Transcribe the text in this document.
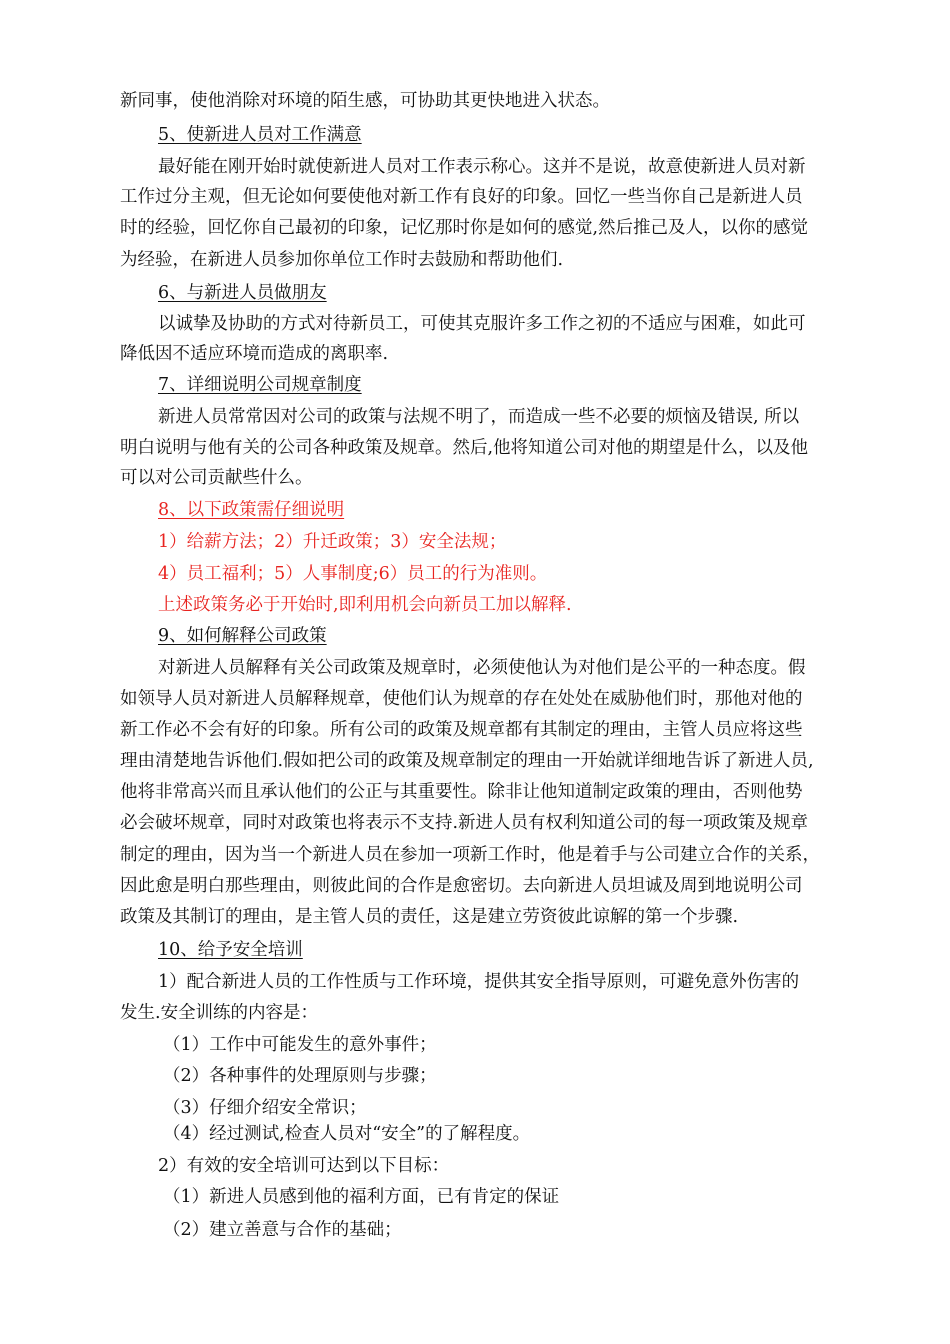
新同事，使他消除对环境的陌生感，可协助其更快地进入状态。
5、使新进人员对工作满意
最好能在刚开始时就使新进人员对工作表示称心。这并不是说，故意使新进人员对新
工作过分主观，但无论如何要使他对新工作有良好的印象。回忆一些当你自己是新进人员
时的经验，回忆你自己最初的印象，记忆那时你是如何的感觉,然后推己及人，以你的感觉
为经验，在新进人员参加你单位工作时去鼓励和帮助他们.
6、与新进人员做朋友
以诚挚及协助的方式对待新员工，可使其克服许多工作之初的不适应与困难，如此可
降低因不适应环境而造成的离职率.
7、详细说明公司规章制度
新进人员常常因对公司的政策与法规不明了，而造成一些不必要的烦恼及错误, 所以
明白说明与他有关的公司各种政策及规章。然后,他将知道公司对他的期望是什么，以及他
可以对公司贡献些什么。
8、以下政策需仔细说明
1）给薪方法；2）升迁政策；3）安全法规；
4）员工福利；5）人事制度;6）员工的行为准则。
上述政策务必于开始时,即利用机会向新员工加以解释.
9、如何解释公司政策
对新进人员解释有关公司政策及规章时，必须使他认为对他们是公平的一种态度。假
如领导人员对新进人员解释规章，使他们认为规章的存在处处在威胁他们时，那他对他的
新工作必不会有好的印象。所有公司的政策及规章都有其制定的理由，主管人员应将这些
理由清楚地告诉他们.假如把公司的政策及规章制定的理由一开始就详细地告诉了新进人员,
他将非常高兴而且承认他们的公正与其重要性。除非让他知道制定政策的理由，否则他势
必会破坏规章，同时对政策也将表示不支持.新进人员有权利知道公司的每一项政策及规章
制定的理由，因为当一个新进人员在参加一项新工作时，他是着手与公司建立合作的关系，
因此愈是明白那些理由，则彼此间的合作是愈密切。去向新进人员坦诚及周到地说明公司
政策及其制订的理由，是主管人员的责任，这是建立劳资彼此谅解的第一个步骤.
10、给予安全培训
1）配合新进人员的工作性质与工作环境，提供其安全指导原则，可避免意外伤害的
发生.安全训练的内容是：
（1）工作中可能发生的意外事件；
（2）各种事件的处理原则与步骤；
（3）仔细介绍安全常识；
（4）经过测试,检查人员对“安全”的了解程度。
2）有效的安全培训可达到以下目标：
（1）新进人员感到他的福利方面，已有肯定的保证
（2）建立善意与合作的基础；
